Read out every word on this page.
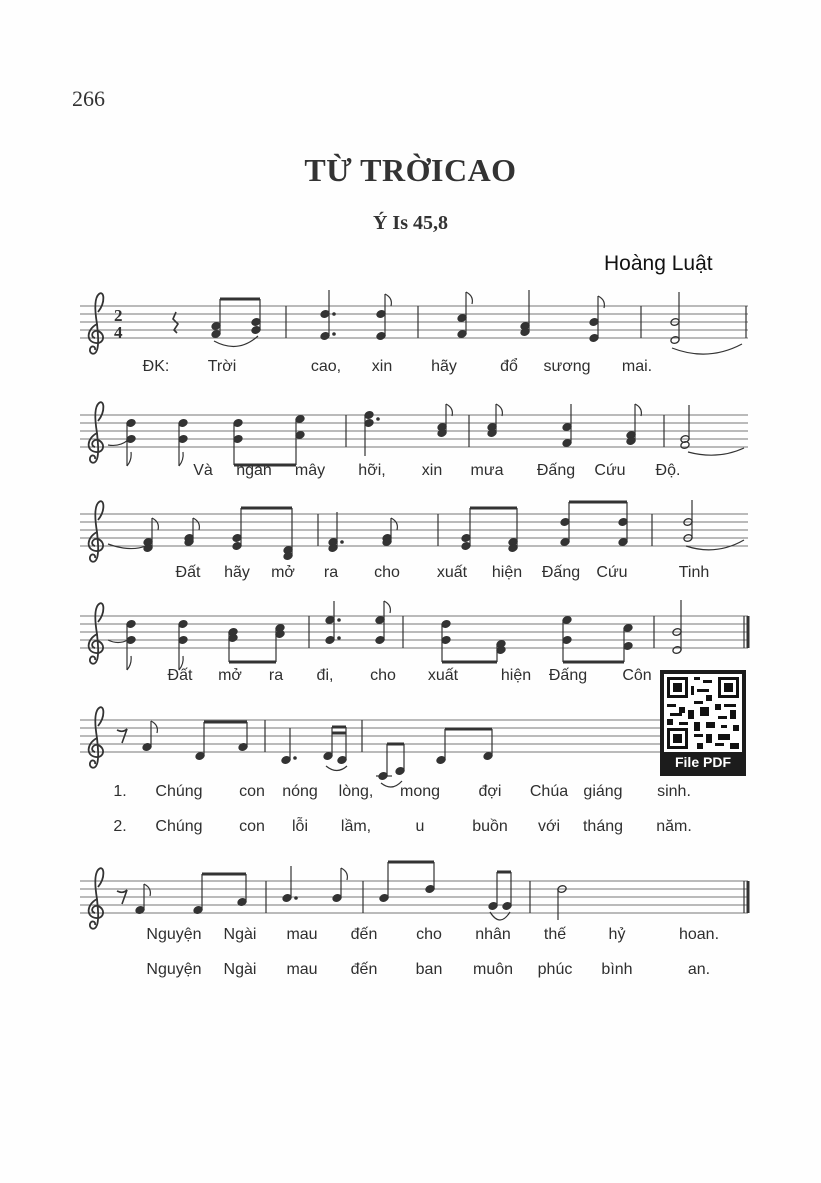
266
TỪ TRỜICAO
Ý Is 45,8
Hoàng Luật
2
4
ĐK: Trời	cao, xin hãy	đổ sương mai.
Và ngàn mây hỡi, xin mưa Đấng Cứu Độ.
Đất hãy mở ra cho xuất hiện Đấng Cứu	Tinh
Đất mở ra đi, cho xuất	hiện Đấng Côn
1. Chúng con nóng lòng, mong đợi Chúa giáng sinh.
2. Chúng con lỗi lầm,	u	buồn với tháng năm.
Nguyện Ngài mau đến cho nhân thế	hỷ	hoan.
Nguyện Ngài mau đến ban muôn phúc bình	an.
File PDF
